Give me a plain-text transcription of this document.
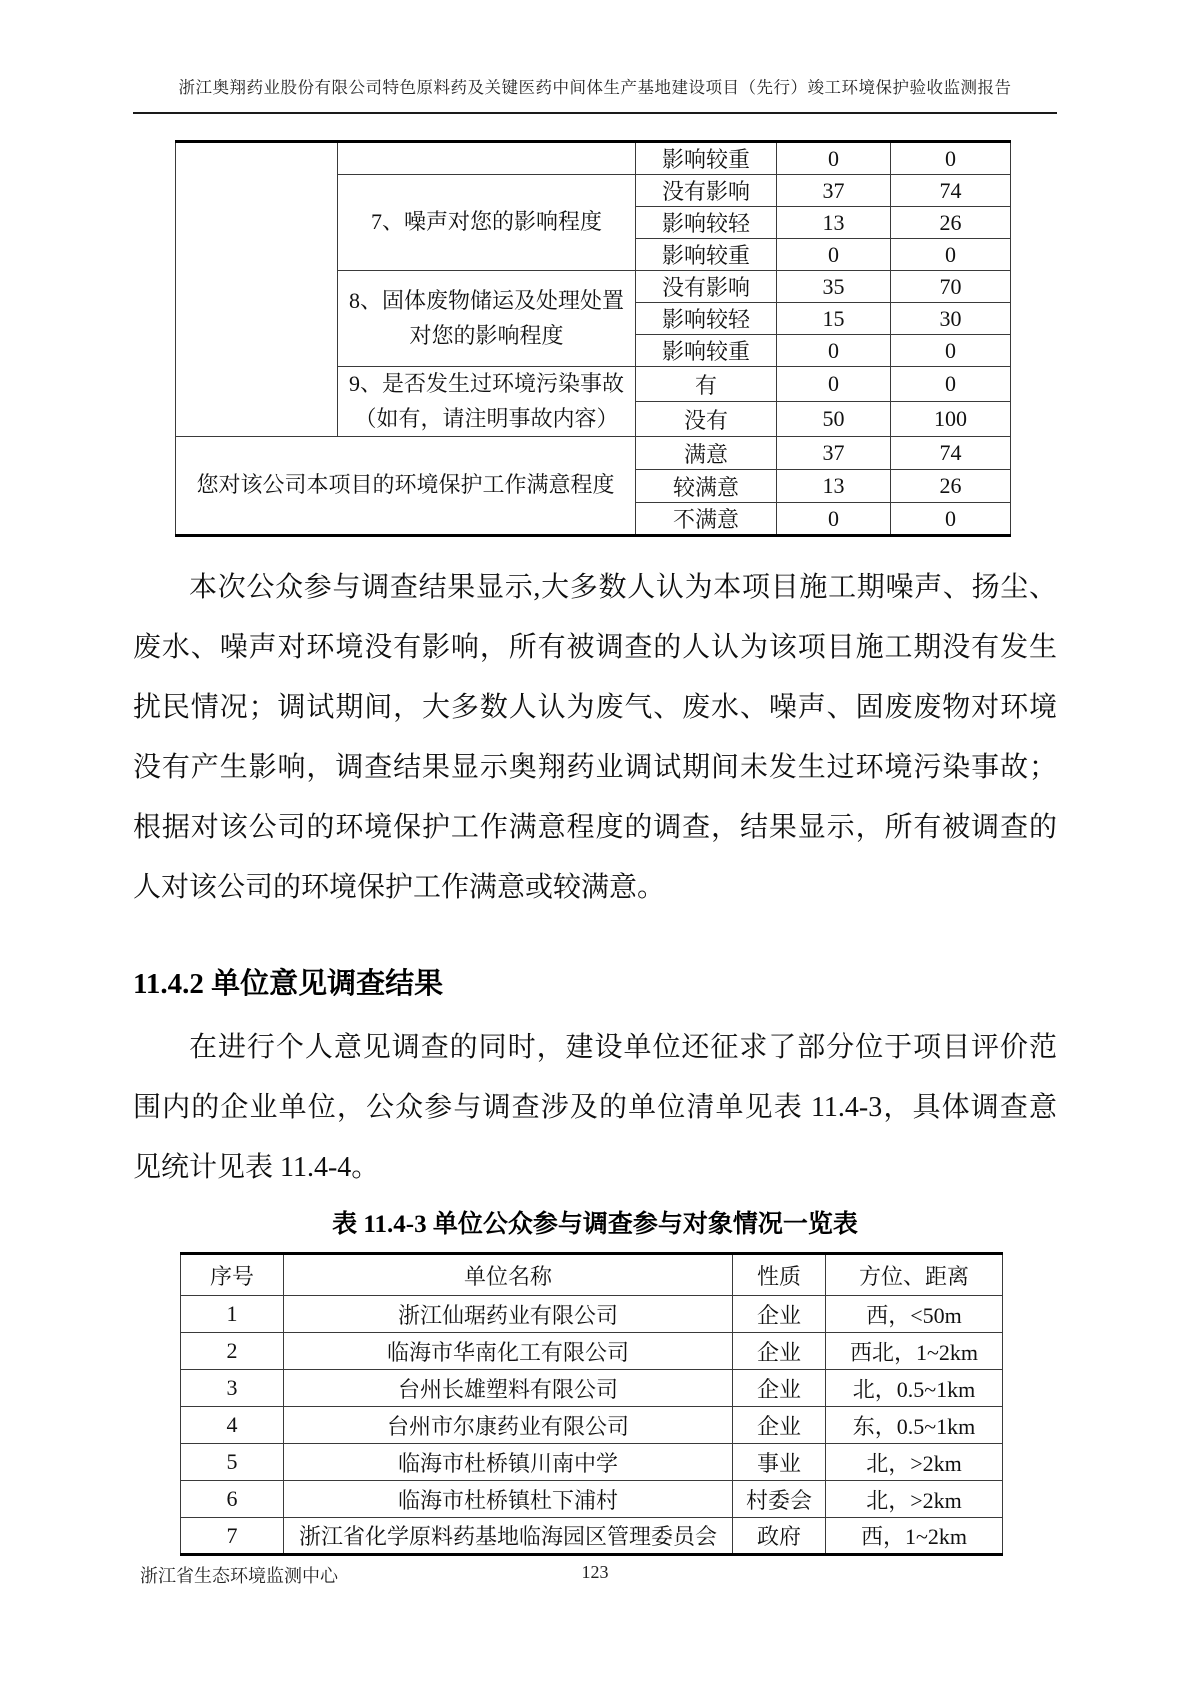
浙江奥翔药业股份有限公司特色原料药及关键医药中间体生产基地建设项目（先行）竣工环境保护验收监测报告
		影响较重	0	0
	7、噪声对您的影响程度	没有影响	37	74
		影响较轻	13	26
		影响较重	0	0
	8、固体废物储运及处理处置对您的影响程度	没有影响	35	70
		影响较轻	15	30
		影响较重	0	0
	9、是否发生过环境污染事故（如有，请注明事故内容）	有	0	0
		没有	50	100
您对该公司本项目的环境保护工作满意程度		满意	37	74
		较满意	13	26
		不满意	0	0
本次公众参与调查结果显示,大多数人认为本项目施工期噪声、扬尘、
废水、噪声对环境没有影响，所有被调查的人认为该项目施工期没有发生
扰民情况；调试期间，大多数人认为废气、废水、噪声、固废废物对环境
没有产生影响，调查结果显示奥翔药业调试期间未发生过环境污染事故；
根据对该公司的环境保护工作满意程度的调查，结果显示，所有被调查的
人对该公司的环境保护工作满意或较满意。
11.4.2 单位意见调查结果
在进行个人意见调查的同时，建设单位还征求了部分位于项目评价范
围内的企业单位，公众参与调查涉及的单位清单见表 11.4-3，具体调查意
见统计见表 11.4-4。
表 11.4-3 单位公众参与调查参与对象情况一览表
序号	单位名称	性质	方位、距离
1	浙江仙琚药业有限公司	企业	西，<50m
2	临海市华南化工有限公司	企业	西北，1~2km
3	台州长雄塑料有限公司	企业	北，0.5~1km
4	台州市尔康药业有限公司	企业	东，0.5~1km
5	临海市杜桥镇川南中学	事业	北，>2km
6	临海市杜桥镇杜下浦村	村委会	北，>2km
7	浙江省化学原料药基地临海园区管理委员会	政府	西，1~2km
浙江省生态环境监测中心	123
